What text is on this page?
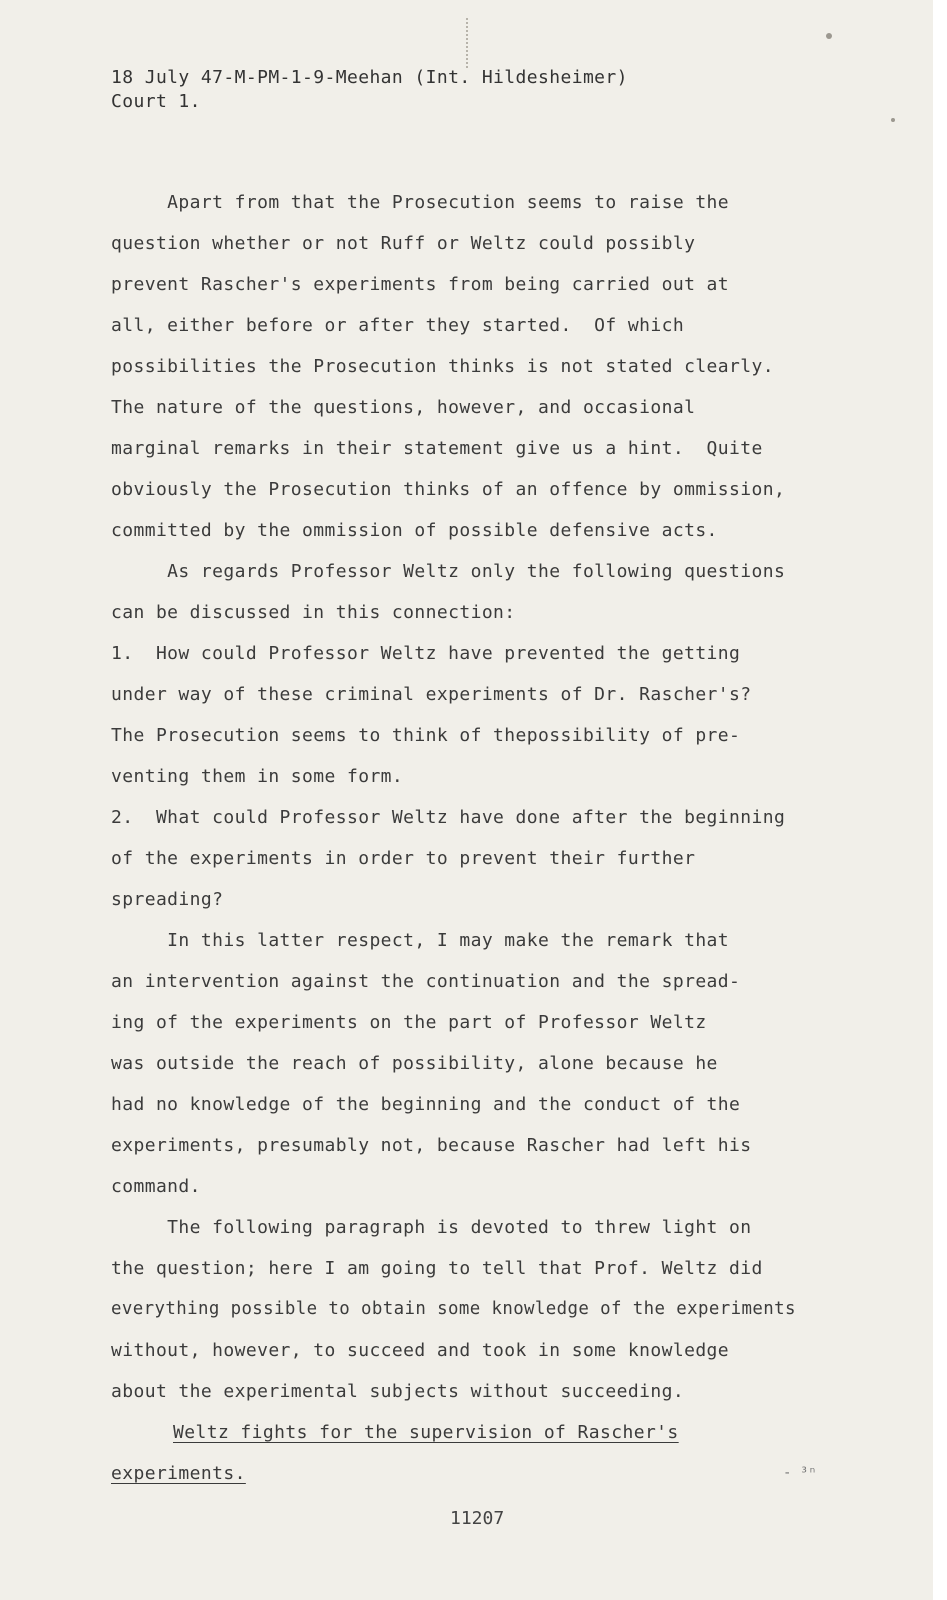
18 July 47-M-PM-1-9-Meehan (Int. Hildesheimer)

Court 1.

Apart from that the Prosecution seems to raise the

question whether or not Ruff or Weltz could possibly

prevent Rascher's experiments from being carried out at

all, either before or after they started.  Of which

possibilities the Prosecution thinks is not stated clearly.

The nature of the questions, however, and occasional

marginal remarks in their statement give us a hint.  Quite

obviously the Prosecution thinks of an offence by ommission,

committed by the ommission of possible defensive acts.

As regards Professor Weltz only the following questions

can be discussed in this connection:

1.  How could Professor Weltz have prevented the getting

under way of these criminal experiments of Dr. Rascher's?

The Prosecution seems to think of thepossibility of pre-

venting them in some form.

2.  What could Professor Weltz have done after the beginning

of the experiments in order to prevent their further

spreading?

In this latter respect, I may make the remark that

an intervention against the continuation and the spread-

ing of the experiments on the part of Professor Weltz

was outside the reach of possibility, alone because he

had no knowledge of the beginning and the conduct of the

experiments, presumably not, because Rascher had left his

command.

The following paragraph is devoted to threw light on

the question; here I am going to tell that Prof. Weltz did

everything possible to obtain some knowledge of the experiments

without, however, to succeed and took in some knowledge

about the experimental subjects without succeeding.

Weltz fights for the supervision of Rascher's

experiments.

	- ³ⁿ
11207
